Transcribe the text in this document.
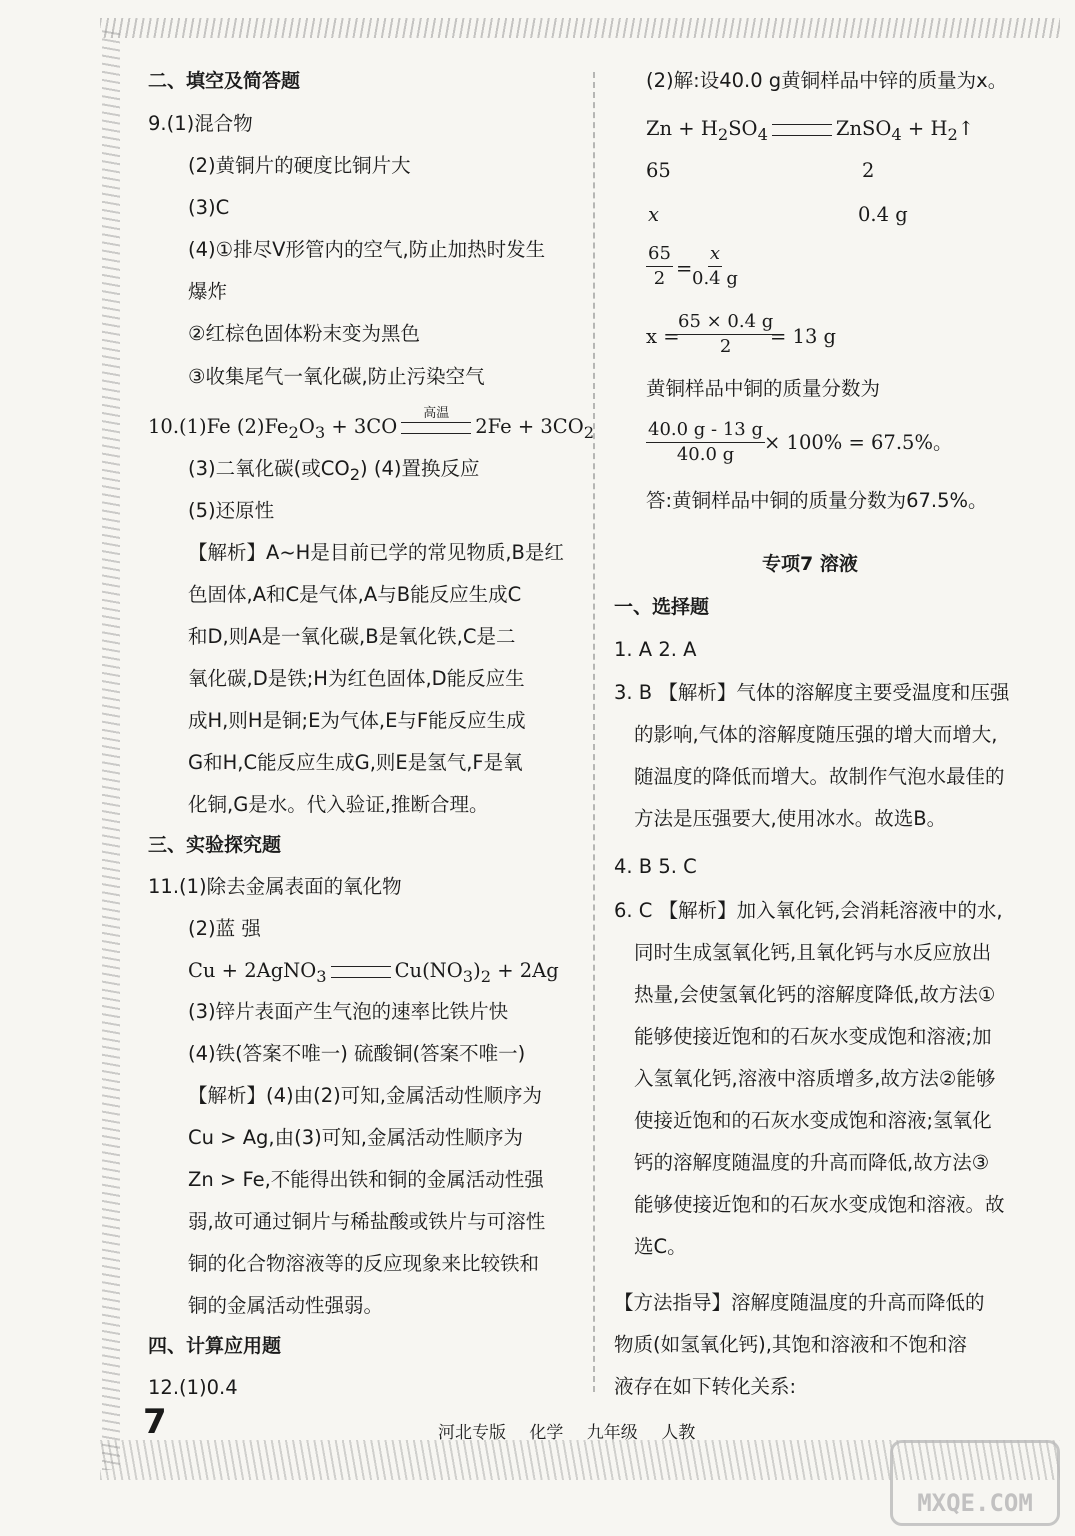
二、填空及简答题
9.(1)混合物
(2)黄铜片的硬度比铜片大
(3)C
(4)①排尽V形管内的空气,防止加热时发生
爆炸
②红棕色固体粉末变为黑色
③收集尾气一氧化碳,防止污染空气
10.(1)Fe $(2)Fe_2O_3 + 3CO$
高温
$2Fe + 3CO_2$
(3)二氧化碳(或$CO_2$) (4)置换反应
(5)还原性
【解析】A~H是目前已学的常见物质,B是红
色固体,A和C是气体,A与B能反应生成C
和D,则A是一氧化碳,B是氧化铁,C是二
氧化碳,D是铁;H为红色固体,D能反应生
成H,则H是铜;E为气体,E与F能反应生成
G和H,C能反应生成G,则E是氢气,F是氧
化铜,G是水。代入验证,推断合理。
三、实验探究题
11.(1)除去金属表面的氧化物
(2)蓝 强
Cu + 2AgNO$_3$	$Cu(NO_3)_2 + 2Ag$
(3)锌片表面产生气泡的速率比铁片快
(4)铁(答案不唯一) 硫酸铜(答案不唯一)
【解析】(4)由(2)可知,金属活动性顺序为
Cu > Ag,由(3)可知,金属活动性顺序为
Zn > Fe,不能得出铁和铜的金属活动性强
弱,故可通过铜片与稀盐酸或铁片与可溶性
铜的化合物溶液等的反应现象来比较铁和
铜的金属活动性强弱。
四、计算应用题
12.(1)0.4
(2)解:设40.0 g黄铜样品中锌的质量为x。
$Zn + H_2SO_4$	ZnSO$_4$ + $H_2↑$
65	2
x	0.4 g
$\frac{65}{2} = \frac{x}{0.4 g}$
x =
$\frac{65 \times 0.4 g}{2}$
= 13 g
黄铜样品中铜的质量分数为
$\frac{40.0 g - 13 g}{40.0 g} \times 100\% = 67.5\%$。
答:黄铜样品中铜的质量分数为67.5%。
专项7 溶液
一、选择题
1. A 2. A
3. B 【解析】气体的溶解度主要受温度和压强
的影响,气体的溶解度随压强的增大而增大,
随温度的降低而增大。故制作气泡水最佳的
方法是压强要大,使用冰水。故选B。
4. B 5. C
6. C 【解析】加入氧化钙,会消耗溶液中的水,
同时生成氢氧化钙,且氧化钙与水反应放出
热量,会使氢氧化钙的溶解度降低,故方法①
能够使接近饱和的石灰水变成饱和溶液;加
入氢氧化钙,溶液中溶质增多,故方法②能够
使接近饱和的石灰水变成饱和溶液;氢氧化
钙的溶解度随温度的升高而降低,故方法③
能够使接近饱和的石灰水变成饱和溶液。故
选C。
【方法指导】溶解度随温度的升高而降低的
物质(如氢氧化钙),其饱和溶液和不饱和溶
液存在如下转化关系:
7	河北专版 化学 九年级 人教
MXQE.COM
